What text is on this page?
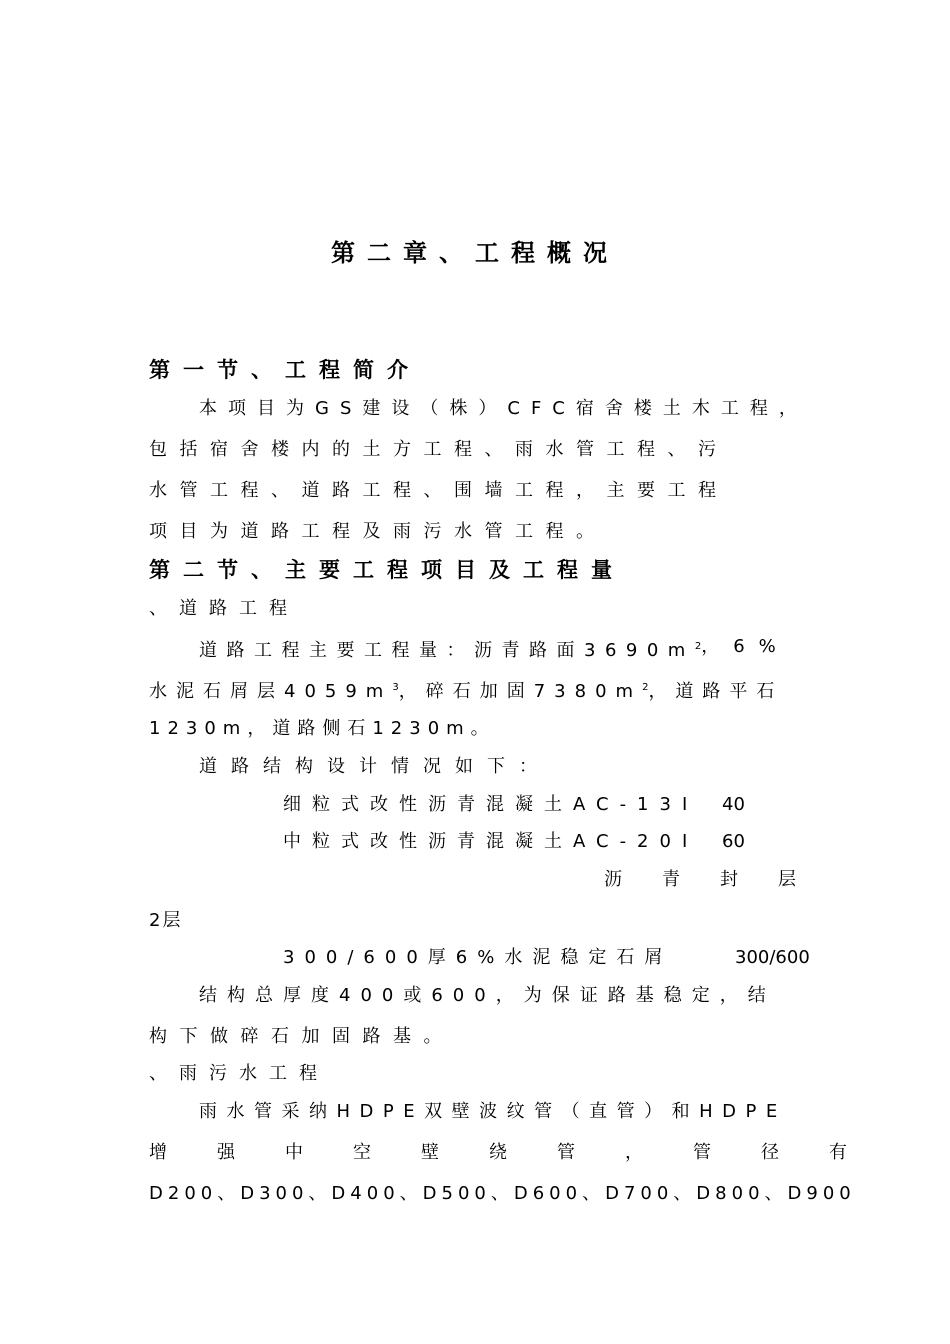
第二章、工程概况
第一节、工程简介
本项目为GS建设（株）CFC宿舍楼土木工程，
包括宿舍楼内的土方工程、雨水管工程、污
水管工程、道路工程、围墙工程，主要工程
项目为道路工程及雨污水管工程。
第二节、主要工程项目及工程量
、道路工程
道路工程主要工程量：沥青路面$3690m^2$ ，6%
水泥石屑层$4059m^3$，碎石加固$7380m^2$，道路平石
1230m，道路侧石1230m。
道路结构设计情况如下：
细粒式改性沥青混凝土AC-13I 40
中粒式改性沥青混凝土AC-20I 60
沥青封层
2层
300/600厚6%水泥稳定石屑	300/600
结构总厚度400或600，为保证路基稳定，结
构下做碎石加固路基。
、雨污水工程
雨水管采纳HDPE双壁波纹管（直管）和HDPE
增强中空壁绕管，管径有
D200、D300、D400、D500、D600、D700、D800、D900
